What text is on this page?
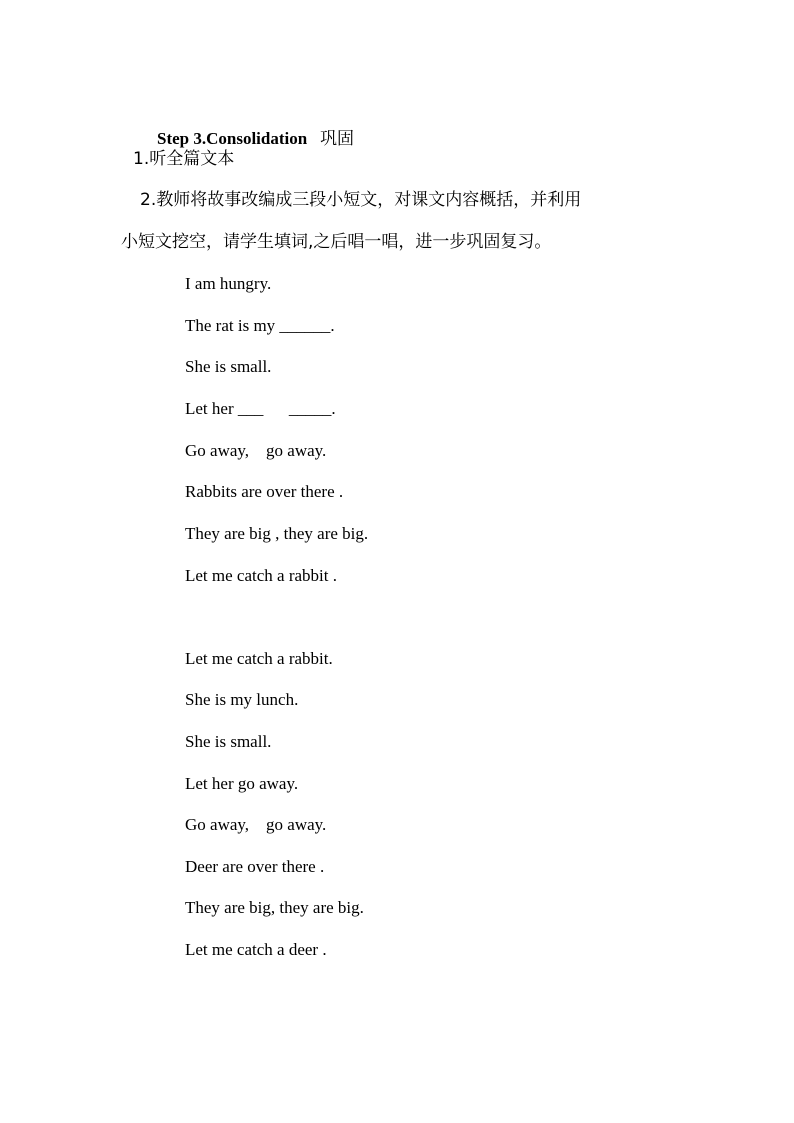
Step 3.Consolidation 巩固

1.听全篇文本
2.教师将故事改编成三段小短文，对课文内容概括，并利用
小短文挖空，请学生填词,之后唱一唱，进一步巩固复习。
I am hungry.
The rat is my ______.
She is small.
Let her ___      _____.
Go away,    go away.
Rabbits are over there .
They are big , they are big.
Let me catch a rabbit .
Let me catch a rabbit.
She is my lunch.
She is small.
Let her go away.
Go away,    go away.
Deer are over there .
They are big, they are big.
Let me catch a deer .
